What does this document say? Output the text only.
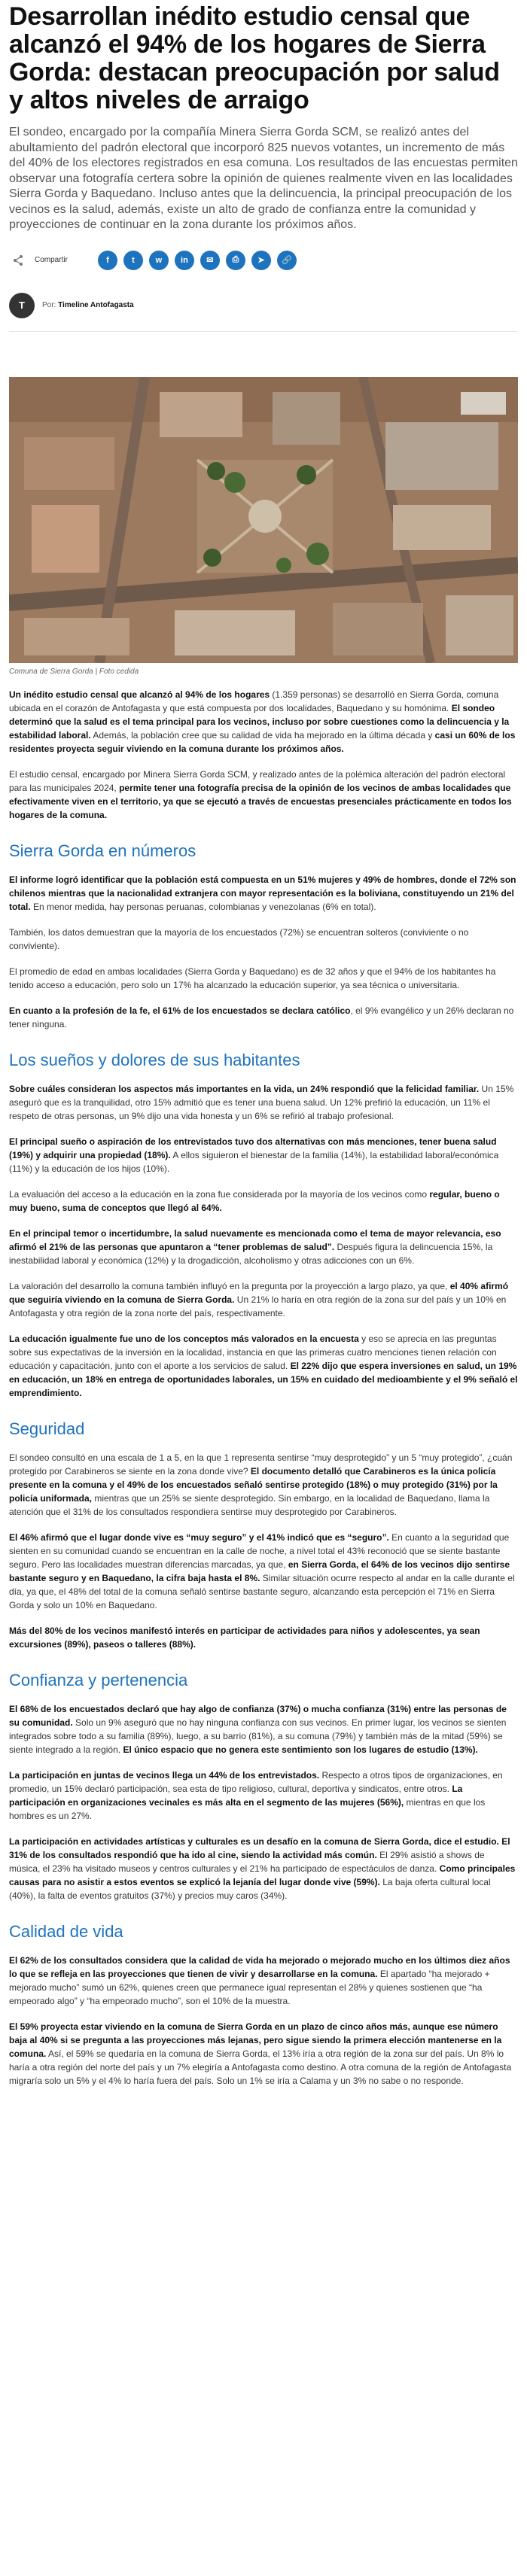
Desarrollan inédito estudio censal que alcanzó el 94% de los hogares de Sierra Gorda: destacan preocupación por salud y altos niveles de arraigo

El sondeo, encargado por la compañía Minera Sierra Gorda SCM, se realizó antes del abultamiento del padrón electoral que incorporó 825 nuevos votantes, un incremento de más del 40% de los electores registrados en esa comuna. Los resultados de las encuestas permiten observar una fotografía certera sobre la opinión de quienes realmente viven en las localidades Sierra Gorda y Baquedano. Incluso antes que la delincuencia, la principal preocupación de los vecinos es la salud, además, existe un alto de grado de confianza entre la comunidad y proyecciones de continuar en la zona durante los próximos años.

Compartir	f	t	w	in	✉	⎙	➤	🔗
T	Por: Timeline Antofagasta

Comuna de Sierra Gorda | Foto cedida

Un inédito estudio censal que alcanzó al 94% de los hogares (1.359 personas) se desarrolló en Sierra Gorda, comuna ubicada en el corazón de Antofagasta y que está compuesta por dos localidades, Baquedano y su homónima. El sondeo determinó que la salud es el tema principal para los vecinos, incluso por sobre cuestiones como la delincuencia y la estabilidad laboral. Además, la población cree que su calidad de vida ha mejorado en la última década y casi un 60% de los residentes proyecta seguir viviendo en la comuna durante los próximos años.

El estudio censal, encargado por Minera Sierra Gorda SCM, y realizado antes de la polémica alteración del padrón electoral para las municipales 2024, permite tener una fotografía precisa de la opinión de los vecinos de ambas localidades que efectivamente viven en el territorio, ya que se ejecutó a través de encuestas presenciales prácticamente en todos los hogares de la comuna.

Sierra Gorda en números

El informe logró identificar que la población está compuesta en un 51% mujeres y 49% de hombres, donde el 72% son chilenos mientras que la nacionalidad extranjera con mayor representación es la boliviana, constituyendo un 21% del total. En menor medida, hay personas peruanas, colombianas y venezolanas (6% en total).

También, los datos demuestran que la mayoría de los encuestados (72%) se encuentran solteros (conviviente o no conviviente).

El promedio de edad en ambas localidades (Sierra Gorda y Baquedano) es de 32 años y que el 94% de los habitantes ha tenido acceso a educación, pero solo un 17% ha alcanzado la educación superior, ya sea técnica o universitaria.

En cuanto a la profesión de la fe, el 61% de los encuestados se declara católico, el 9% evangélico y un 26% declaran no tener ninguna.

Los sueños y dolores de sus habitantes

Sobre cuáles consideran los aspectos más importantes en la vida, un 24% respondió que la felicidad familiar. Un 15% aseguró que es la tranquilidad, otro 15% admitió que es tener una buena salud. Un 12% prefirió la educación, un 11% el respeto de otras personas, un 9% dijo una vida honesta y un 6% se refirió al trabajo profesional.

El principal sueño o aspiración de los entrevistados tuvo dos alternativas con más menciones, tener buena salud (19%) y adquirir una propiedad (18%). A ellos siguieron el bienestar de la familia (14%), la estabilidad laboral/económica (11%) y la educación de los hijos (10%).

La evaluación del acceso a la educación en la zona fue considerada por la mayoría de los vecinos como regular, bueno o muy bueno, suma de conceptos que llegó al 64%.

En el principal temor o incertidumbre, la salud nuevamente es mencionada como el tema de mayor relevancia, eso afirmó el 21% de las personas que apuntaron a “tener problemas de salud”. Después figura la delincuencia 15%, la inestabilidad laboral y económica (12%) y la drogadicción, alcoholismo y otras adicciones con un 6%.

La valoración del desarrollo la comuna también influyó en la pregunta por la proyección a largo plazo, ya que, el 40% afirmó que seguiría viviendo en la comuna de Sierra Gorda. Un 21% lo haría en otra región de la zona sur del país y un 10% en Antofagasta y otra región de la zona norte del país, respectivamente.

La educación igualmente fue uno de los conceptos más valorados en la encuesta y eso se aprecia en las preguntas sobre sus expectativas de la inversión en la localidad, instancia en que las primeras cuatro menciones tienen relación con educación y capacitación, junto con el aporte a los servicios de salud. El 22% dijo que espera inversiones en salud, un 19% en educación, un 18% en entrega de oportunidades laborales, un 15% en cuidado del medioambiente y el 9% señaló el emprendimiento.

Seguridad

El sondeo consultó en una escala de 1 a 5, en la que 1 representa sentirse “muy desprotegido” y un 5 “muy protegido”, ¿cuán protegido por Carabineros se siente en la zona donde vive? El documento detalló que Carabineros es la única policía presente en la comuna y el 49% de los encuestados señaló sentirse protegido (18%) o muy protegido (31%) por la policía uniformada, mientras que un 25% se siente desprotegido. Sin embargo, en la localidad de Baquedano, llama la atención que el 31% de los consultados respondiera sentirse muy desprotegido por Carabineros.

El 46% afirmó que el lugar donde vive es “muy seguro” y el 41% indicó que es “seguro”. En cuanto a la seguridad que sienten en su comunidad cuando se encuentran en la calle de noche, a nivel total el 43% reconoció que se siente bastante seguro. Pero las localidades muestran diferencias marcadas, ya que, en Sierra Gorda, el 64% de los vecinos dijo sentirse bastante seguro y en Baquedano, la cifra baja hasta el 8%. Similar situación ocurre respecto al andar en la calle durante el día, ya que, el 48% del total de la comuna señaló sentirse bastante seguro, alcanzando esta percepción el 71% en Sierra Gorda y solo un 10% en Baquedano.

Más del 80% de los vecinos manifestó interés en participar de actividades para niños y adolescentes, ya sean excursiones (89%), paseos o talleres (88%).

Confianza y pertenencia

El 68% de los encuestados declaró que hay algo de confianza (37%) o mucha confianza (31%) entre las personas de su comunidad. Solo un 9% aseguró que no hay ninguna confianza con sus vecinos. En primer lugar, los vecinos se sienten integrados sobre todo a su familia (89%), luego, a su barrio (81%), a su comuna (79%) y también más de la mitad (59%) se siente integrado a la región. El único espacio que no genera este sentimiento son los lugares de estudio (13%).

La participación en juntas de vecinos llega un 44% de los entrevistados. Respecto a otros tipos de organizaciones, en promedio, un 15% declaró participación, sea esta de tipo religioso, cultural, deportiva y sindicatos, entre otros. La participación en organizaciones vecinales es más alta en el segmento de las mujeres (56%), mientras en que los hombres es un 27%.

La participación en actividades artísticas y culturales es un desafío en la comuna de Sierra Gorda, dice el estudio. El 31% de los consultados respondió que ha ido al cine, siendo la actividad más común. El 29% asistió a shows de música, el 23% ha visitado museos y centros culturales y el 21% ha participado de espectáculos de danza. Como principales causas para no asistir a estos eventos se explicó la lejanía del lugar donde vive (59%). La baja oferta cultural local (40%), la falta de eventos gratuitos (37%) y precios muy caros (34%).

Calidad de vida

El 62% de los consultados considera que la calidad de vida ha mejorado o mejorado mucho en los últimos diez años lo que se refleja en las proyecciones que tienen de vivir y desarrollarse en la comuna. El apartado “ha mejorado + mejorado mucho” sumó un 62%, quienes creen que permanece igual representan el 28% y quienes sostienen que “ha empeorado algo” y “ha empeorado mucho”, son el 10% de la muestra.

El 59% proyecta estar viviendo en la comuna de Sierra Gorda en un plazo de cinco años más, aunque ese número baja al 40% si se pregunta a las proyecciones más lejanas, pero sigue siendo la primera elección mantenerse en la comuna. Así, el 59% se quedaría en la comuna de Sierra Gorda, el 13% iría a otra región de la zona sur del país. Un 8% lo haría a otra región del norte del país y un 7% elegiría a Antofagasta como destino. A otra comuna de la región de Antofagasta migraría solo un 5% y el 4% lo haría fuera del país. Solo un 1% se iría a Calama y un 3% no sabe o no responde.
